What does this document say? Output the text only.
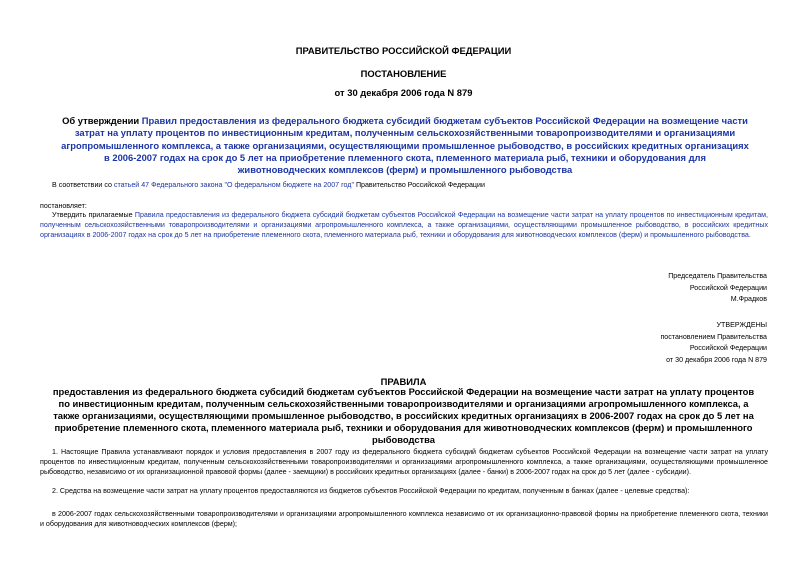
ПРАВИТЕЛЬСТВО РОССИЙСКОЙ ФЕДЕРАЦИИ
ПОСТАНОВЛЕНИЕ
от 30 декабря 2006 года N 879
Об утверждении Правил предоставления из федерального бюджета субсидий бюджетам субъектов Российской Федерации на возмещение части затрат на уплату процентов по инвестиционным кредитам, полученным сельскохозяйственными товаропроизводителями и организациями агропромышленного комплекса, а также организациями, осуществляющими промышленное рыбоводство, в российских кредитных организациях в 2006-2007 годах на срок до 5 лет на приобретение племенного скота, племенного материала рыб, техники и оборудования для животноводческих комплексов (ферм) и промышленного рыбоводства
В соответствии со статьей 47 Федерального закона "О федеральном бюджете на 2007 год" Правительство Российской Федерации
постановляет:
Утвердить прилагаемые Правила предоставления из федерального бюджета субсидий бюджетам субъектов Российской Федерации на возмещение части затрат на уплату процентов по инвестиционным кредитам, полученным сельскохозяйственными товаропроизводителями и организациями агропромышленного комплекса, а также организациями, осуществляющими промышленное рыбоводство, в российских кредитных организациях в 2006-2007 годах на срок до 5 лет на приобретение племенного скота, племенного материала рыб, техники и оборудования для животноводческих комплексов (ферм) и промышленного рыбоводства.
Председатель Правительства
Российской Федерации
М.Фрадков
УТВЕРЖДЕНЫ
постановлением Правительства
Российской Федерации
от 30 декабря 2006 года N 879
ПРАВИЛА
предоставления из федерального бюджета субсидий бюджетам субъектов Российской Федерации на возмещение части затрат на уплату процентов по инвестиционным кредитам, полученным сельскохозяйственными товаропроизводителями и организациями агропромышленного комплекса, а также организациями, осуществляющими промышленное рыбоводство, в российских кредитных организациях в 2006-2007 годах на срок до 5 лет на приобретение племенного скота, племенного материала рыб, техники и оборудования для животноводческих комплексов (ферм) и промышленного рыбоводства
1. Настоящие Правила устанавливают порядок и условия предоставления в 2007 году из федерального бюджета субсидий бюджетам субъектов Российской Федерации на возмещение части затрат на уплату процентов по инвестиционным кредитам, полученным сельскохозяйственными товаропроизводителями и организациями агропромышленного комплекса, а также организациями, осуществляющими промышленное рыбоводство, независимо от их организационной правовой формы (далее - заемщики) в российских кредитных организациях (далее - банки) в 2006-2007 годах на срок до 5 лет (далее - субсидии).
2. Средства на возмещение части затрат на уплату процентов предоставляются из бюджетов субъектов Российской Федерации по кредитам, полученным в банках (далее - целевые средства):
в 2006-2007 годах сельскохозяйственными товаропроизводителями и организациями агропромышленного комплекса независимо от их организационно-правовой формы на приобретение племенного скота, техники и оборудования для животноводческих комплексов (ферм);
